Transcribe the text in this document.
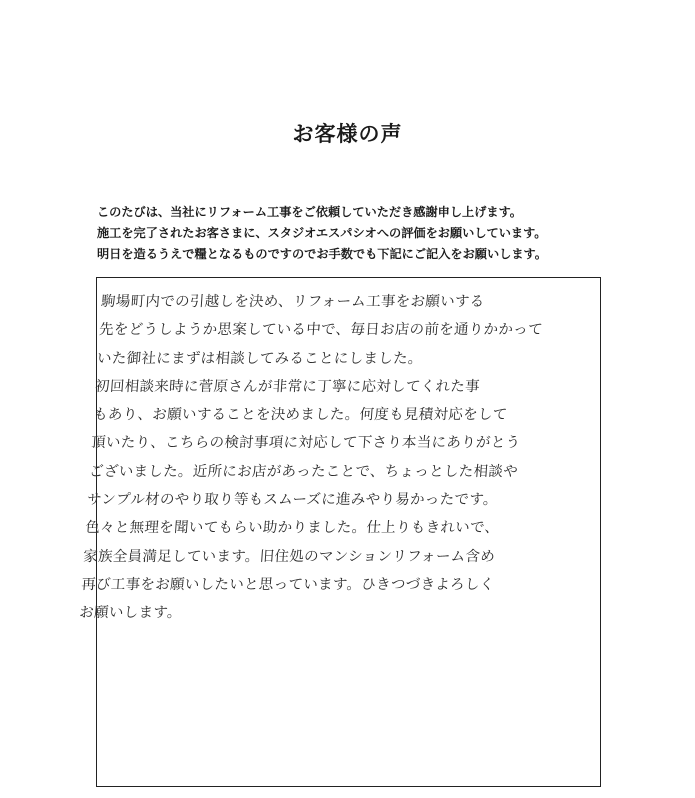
お客様の声
このたびは、当社にリフォーム工事をご依頼していただき感謝申し上げます。
施工を完了されたお客さまに、スタジオエスパシオへの評価をお願いしています。
明日を造るうえで糧となるものですのでお手数でも下記にご記入をお願いします。
駒場町内での引越しを決め、リフォーム工事をお願いする
先をどうしようか思案している中で、毎日お店の前を通りかかって
いた御社にまずは相談してみることにしました。
初回相談来時に菅原さんが非常に丁寧に応対してくれた事
もあり、お願いすることを決めました。何度も見積対応をして
頂いたり、こちらの検討事項に対応して下さり本当にありがとう
ございました。近所にお店があったことで、ちょっとした相談や
サンプル材のやり取り等もスムーズに進みやり易かったです。
色々と無理を聞いてもらい助かりました。仕上りもきれいで、
家族全員満足しています。旧住処のマンションリフォーム含め
再び工事をお願いしたいと思っています。ひきつづきよろしく
お願いします。
